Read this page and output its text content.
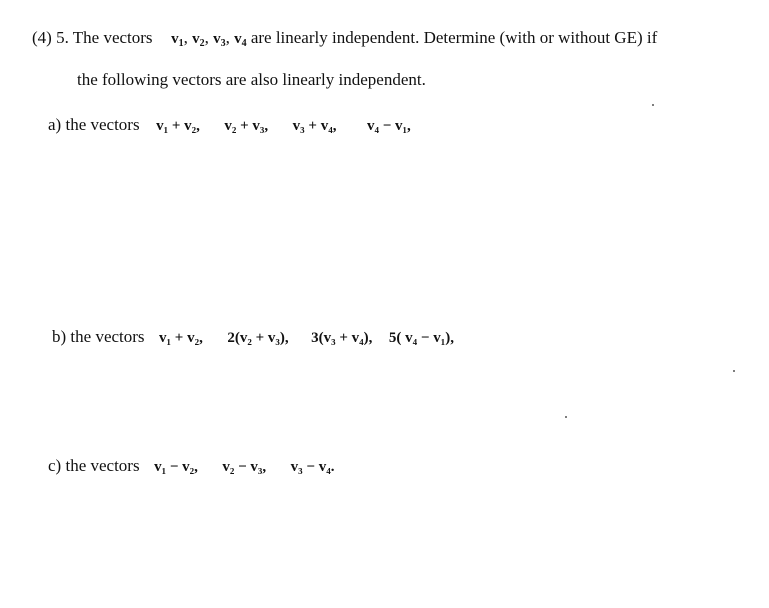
(4) 5. The vectors $v_1$, $v_2$, $v_3$, $v_4$ are linearly independent. Determine (with or without GE) if
the following vectors are also linearly independent.
a) the vectors v₁ + v₂, v₂ + v₃, v₃ + v₄, v₄ − v₁,
b) the vectors v₁ + v₂, 2(v₂ + v₃), 3(v₃ + v₄), 5( v₄ − v₁),
c) the vectors v₁ − v₂, v₂ − v₃, v₃ − v₄.
